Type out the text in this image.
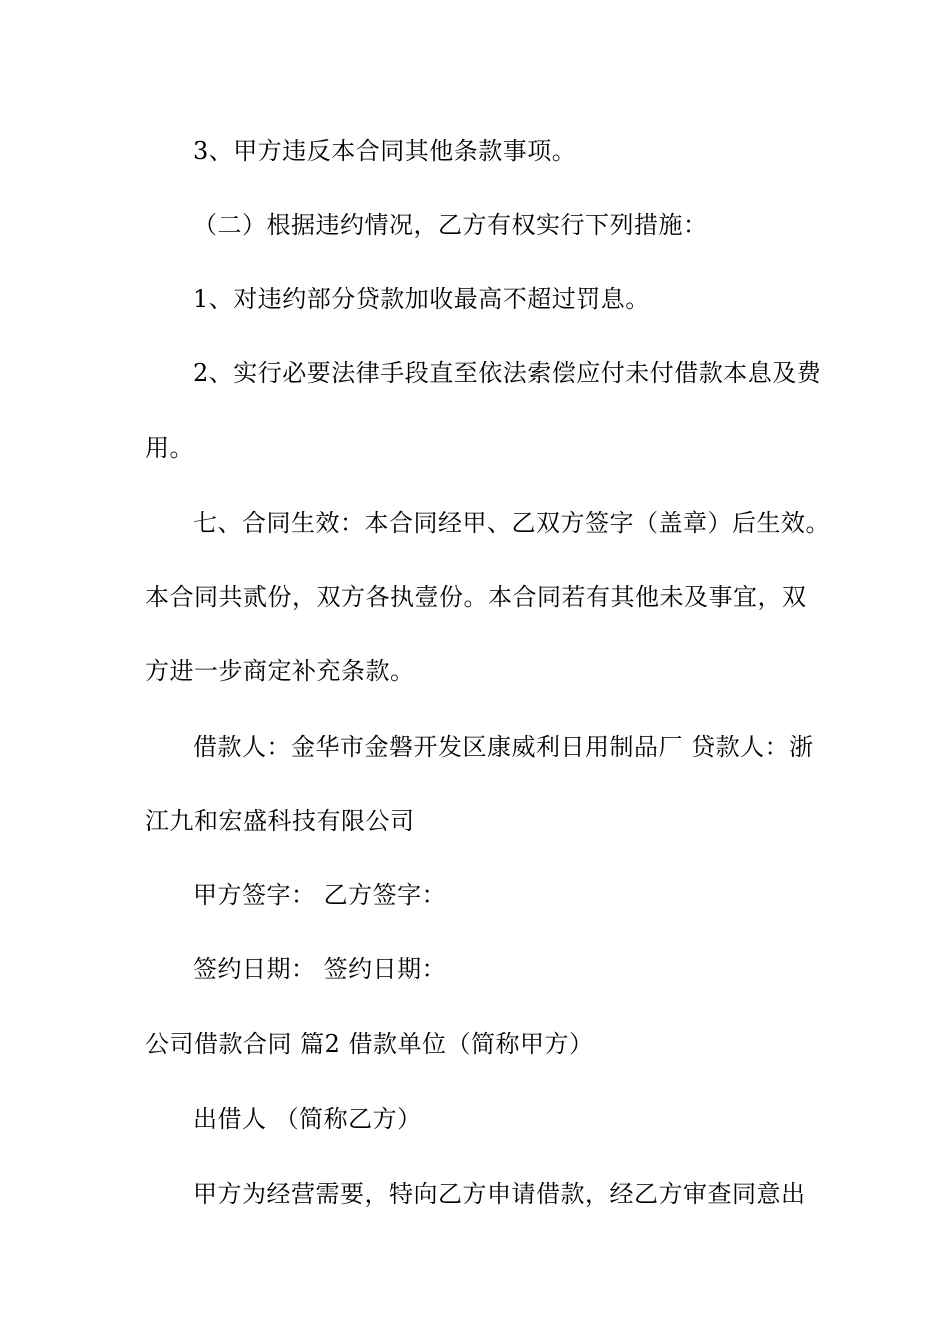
3、甲方违反本合同其他条款事项。
（二）根据违约情况，乙方有权实行下列措施：
1、对违约部分贷款加收最高不超过罚息。
2、实行必要法律手段直至依法索偿应付未付借款本息及费
用。
七、合同生效：本合同经甲、乙双方签字（盖章）后生效。
本合同共贰份，双方各执壹份。本合同若有其他未及事宜，双
方进一步商定补充条款。
借款人：金华市金磐开发区康威利日用制品厂 贷款人：浙
江九和宏盛科技有限公司
甲方签字： 乙方签字：
签约日期： 签约日期：
公司借款合同 篇2 借款单位（简称甲方）
出借人 （简称乙方）
甲方为经营需要，特向乙方申请借款，经乙方审查同意出
